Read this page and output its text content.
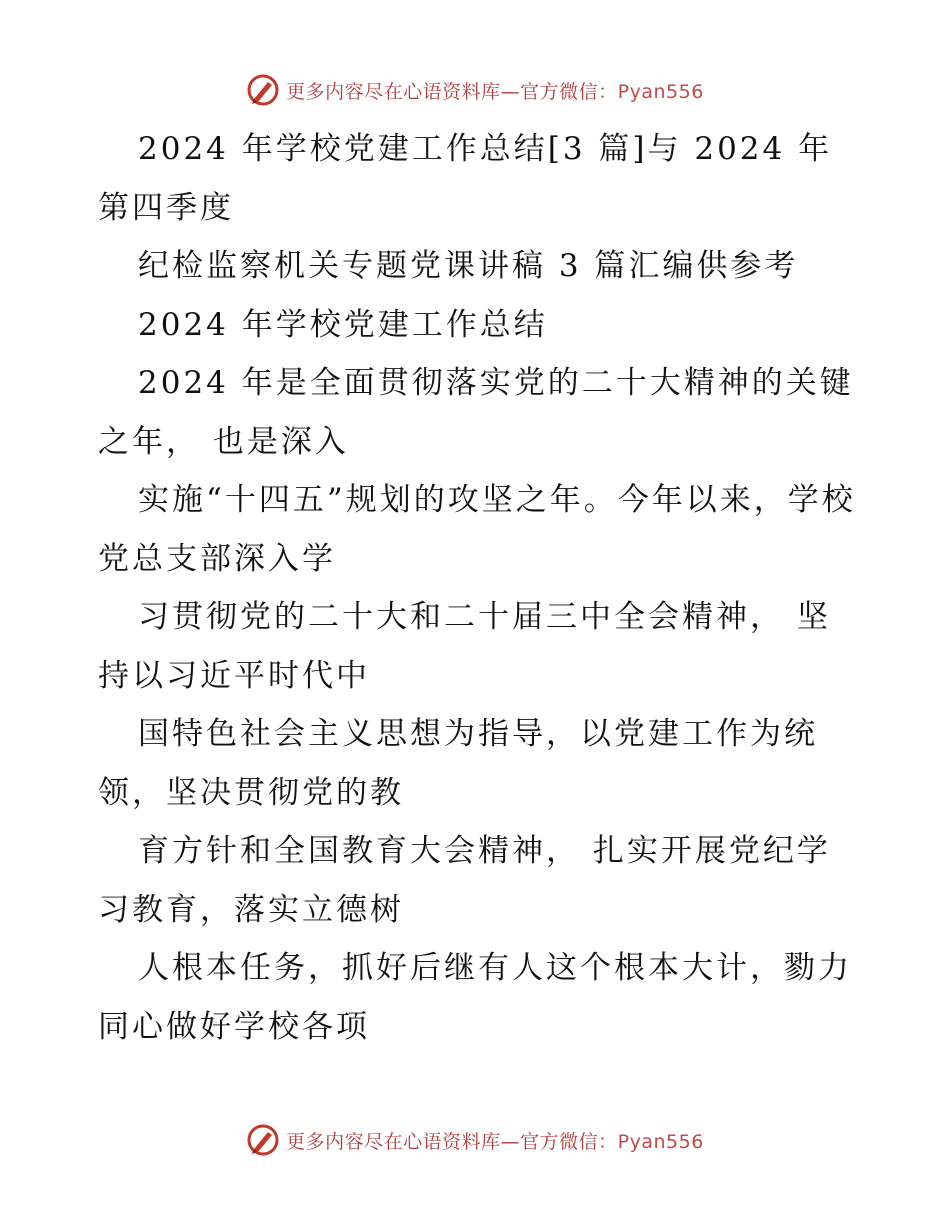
更多内容尽在心语资料库—官方微信：Pyan556

2024 年学校党建工作总结[3 篇]与 2024 年第四季度

纪检监察机关专题党课讲稿 3 篇汇编供参考

2024 年学校党建工作总结

2024 年是全面贯彻落实党的二十大精神的关键之年， 也是深入

实施“十四五”规划的攻坚之年。今年以来，学校党总支部深入学

习贯彻党的二十大和二十届三中全会精神， 坚持以习近平时代中

国特色社会主义思想为指导，以党建工作为统领，坚决贯彻党的教

育方针和全国教育大会精神， 扎实开展党纪学习教育，落实立德树

人根本任务，抓好后继有人这个根本大计，勠力同心做好学校各项

更多内容尽在心语资料库—官方微信：Pyan556
